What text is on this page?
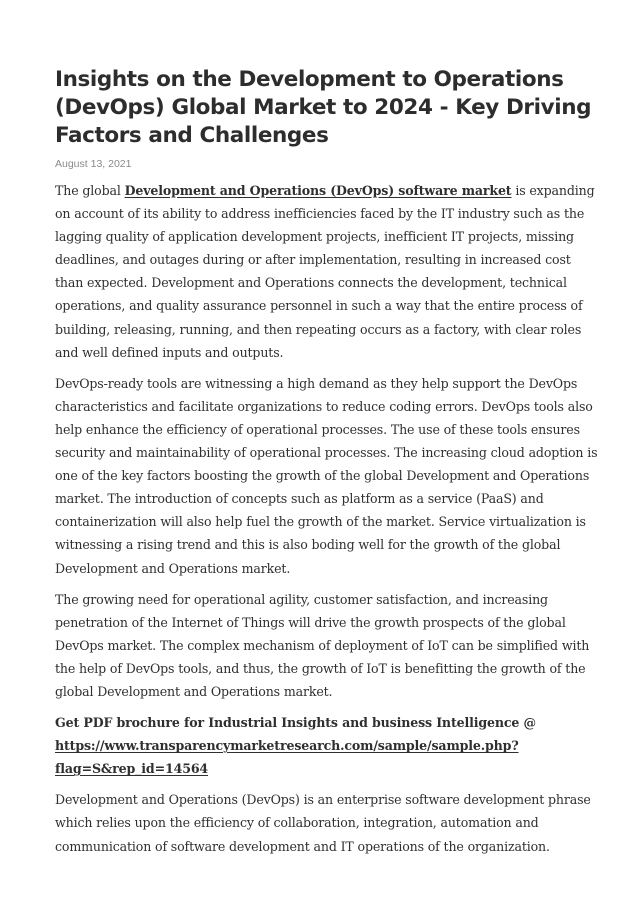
Insights on the Development to Operations (DevOps) Global Market to 2024 - Key Driving Factors and Challenges
August 13, 2021

The global Development and Operations (DevOps) software market is expanding on account of its ability to address inefficiencies faced by the IT industry such as the lagging quality of application development projects, inefficient IT projects, missing deadlines, and outages during or after implementation, resulting in increased cost than expected. Development and Operations connects the development, technical operations, and quality assurance personnel in such a way that the entire process of building, releasing, running, and then repeating occurs as a factory, with clear roles and well defined inputs and outputs.

DevOps-ready tools are witnessing a high demand as they help support the DevOps characteristics and facilitate organizations to reduce coding errors. DevOps tools also help enhance the efficiency of operational processes. The use of these tools ensures security and maintainability of operational processes. The increasing cloud adoption is one of the key factors boosting the growth of the global Development and Operations market. The introduction of concepts such as platform as a service (PaaS) and containerization will also help fuel the growth of the market. Service virtualization is witnessing a rising trend and this is also boding well for the growth of the global Development and Operations market.

The growing need for operational agility, customer satisfaction, and increasing penetration of the Internet of Things will drive the growth prospects of the global DevOps market. The complex mechanism of deployment of IoT can be simplified with the help of DevOps tools, and thus, the growth of IoT is benefitting the growth of the global Development and Operations market.

Get PDF brochure for Industrial Insights and business Intelligence @ https://www.transparencymarketresearch.com/sample/sample.php?flag=S&rep_id=14564

Development and Operations (DevOps) is an enterprise software development phrase which relies upon the efficiency of collaboration, integration, automation and communication of software development and IT operations of the organization.
